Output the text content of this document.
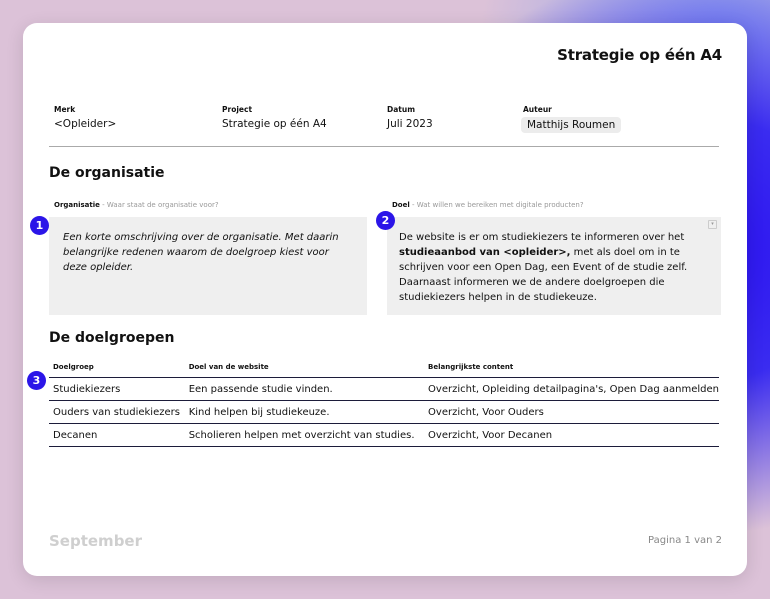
Strategie op één A4
Merk
<Opleider>
Project
Strategie op één A4
Datum
Juli 2023
Auteur
Matthijs Roumen
De organisatie
Organisatie - Waar staat de organisatie voor?	Doel - Wat willen we bereiken met digitale producten?
Een korte omschrijving over de organisatie. Met daarin belangrijke redenen waarom de doelgroep kiest voor deze opleider.
De website is er om studiekiezers te informeren over het studieaanbod van <opleider>, met als doel om in te schrijven voor een Open Dag, een Event of de studie zelf. Daarnaast informeren we de andere doelgroepen die studiekiezers helpen in de studiekeuze.
▾
De doelgroepen
Doelgroep	Doel van de website	Belangrijkste content
Studiekiezers	Een passende studie vinden.	Overzicht, Opleiding detailpagina's, Open Dag aanmelden
Ouders van studiekiezers	Kind helpen bij studiekeuze.	Overzicht, Voor Ouders
Decanen	Scholieren helpen met overzicht van studies.	Overzicht, Voor Decanen

September	Pagina 1 van 2
1	2
3
